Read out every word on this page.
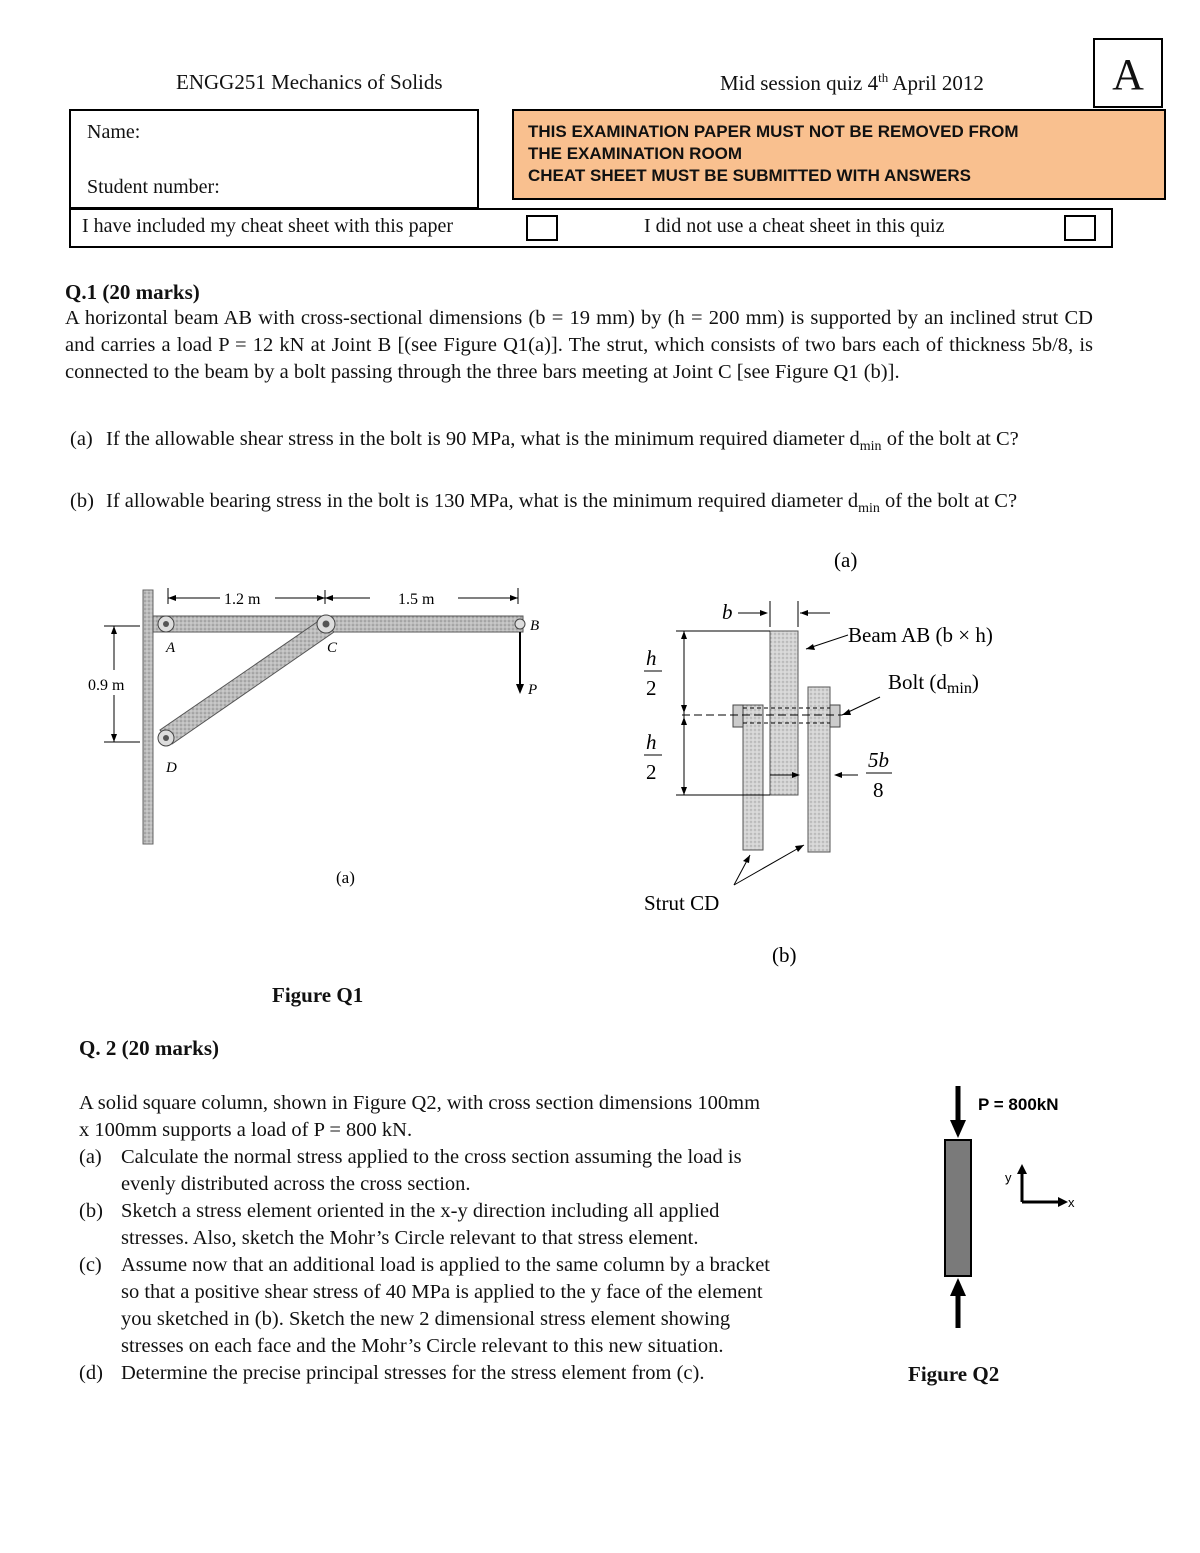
ENGG251 Mechanics of Solids	Mid session quiz 4th April 2012	A
Name:
Student number:
THIS EXAMINATION PAPER MUST NOT BE REMOVED FROM
THE EXAMINATION ROOM
CHEAT SHEET MUST BE SUBMITTED WITH ANSWERS
I have included my cheat sheet with this paper	I did not use a cheat sheet in this quiz
Q.1 (20 marks)
A horizontal beam AB with cross-sectional dimensions (b = 19 mm) by (h = 200 mm) is supported by an inclined strut CD and carries a load P = 12 kN at Joint B [(see Figure Q1(a)]. The strut, which consists of two bars each of thickness 5b/8, is connected to the beam by a bolt passing through the three bars meeting at Joint C [see Figure Q1 (b)].
(a) If the allowable shear stress in the bolt is 90 MPa, what is the minimum required diameter $d_{min}$ of the bolt at C?
(b) If allowable bearing stress in the bolt is 130 MPa, what is the minimum required diameter $d_{min}$ of the bolt at C?
1.2 m	1.5 m
0.9 m
A	C
D
B
P
(a)
(a)
b
h
2
h
2
Beam AB (b × h)
Bolt (dmin)
5b
8
Strut CD
(b)
Figure Q1
Q. 2 (20 marks)
A solid square column, shown in Figure Q2, with cross section dimensions 100mm
x 100mm supports a load of P = 800 kN.
(a) Calculate the normal stress applied to the cross section assuming the load is
evenly distributed across the cross section.
(b) Sketch a stress element oriented in the x-y direction including all applied
stresses. Also, sketch the Mohr’s Circle relevant to that stress element.
(c) Assume now that an additional load is applied to the same column by a bracket
so that a positive shear stress of 40 MPa is applied to the y face of the element
you sketched in (b). Sketch the new 2 dimensional stress element showing
stresses on each face and the Mohr’s Circle relevant to this new situation.
(d) Determine the precise principal stresses for the stress element from (c).
P = 800kN
y
x
Figure Q2
